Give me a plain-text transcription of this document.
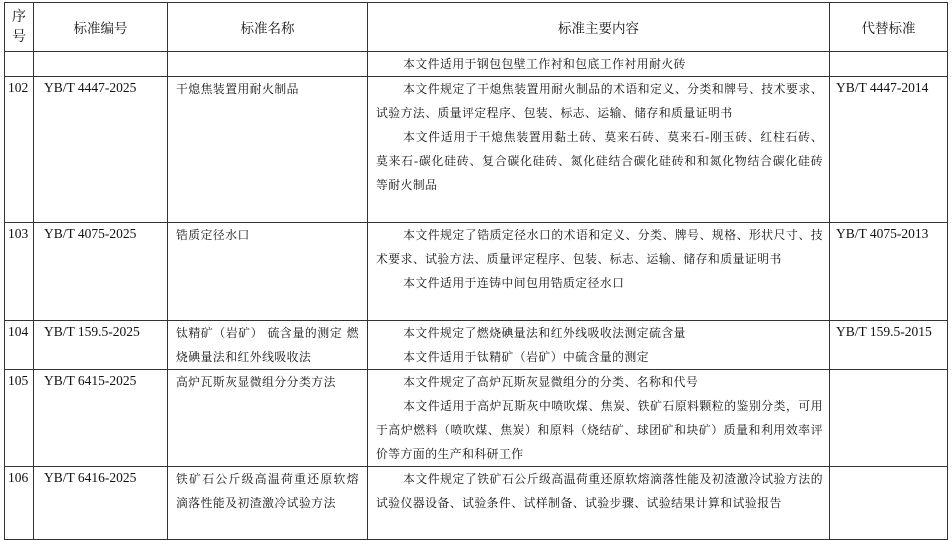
序号	标准编号	标准名称	标准主要内容	代替标准

			本文件适用于钢包包壁工作衬和包底工作衬用耐火砖	

102	YB/T 4447-2025	干熄焦装置用耐火制品	本文件规定了干熄焦装置用耐火制品的术语和定义、分类和牌号、技术要求、试验方法、质量评定程序、包装、标志、运输、储存和质量证明书

本文件适用于干熄焦装置用黏土砖、莫来石砖、莫来石-刚玉砖、红柱石砖、莫来石-碳化硅砖、复合碳化硅砖、氮化硅结合碳化硅砖和和氮化物结合碳化硅砖等耐火制品	YB/T 4447-2014
103	YB/T 4075-2025	锆质定径水口	本文件规定了锆质定径水口的术语和定义、分类、牌号、规格、形状尺寸、技术要求、试验方法、质量评定程序、包装、标志、运输、储存和质量证明书

本文件适用于连铸中间包用锆质定径水口	YB/T 4075-2013
104	YB/T 159.5-2025	钛精矿（岩矿） 硫含量的测定 燃烧碘量法和红外线吸收法	本文件规定了燃烧碘量法和红外线吸收法测定硫含量

本文件适用于钛精矿（岩矿）中硫含量的测定	YB/T 159.5-2015
105	YB/T 6415-2025	高炉瓦斯灰显微组分分类方法	本文件规定了高炉瓦斯灰显微组分的分类、名称和代号

本文件适用于高炉瓦斯灰中喷吹煤、焦炭、铁矿石原料颗粒的鉴别分类，可用于高炉燃料（喷吹煤、焦炭）和原料（烧结矿、球团矿和块矿）质量和利用效率评价等方面的生产和科研工作	

106	YB/T 6416-2025	铁矿石公斤级高温荷重还原软熔滴落性能及初渣激冷试验方法	本文件规定了铁矿石公斤级高温荷重还原软熔滴落性能及初渣激冷试验方法的试验仪器设备、试验条件、试样制备、试验步骤、试验结果计算和试验报告	
